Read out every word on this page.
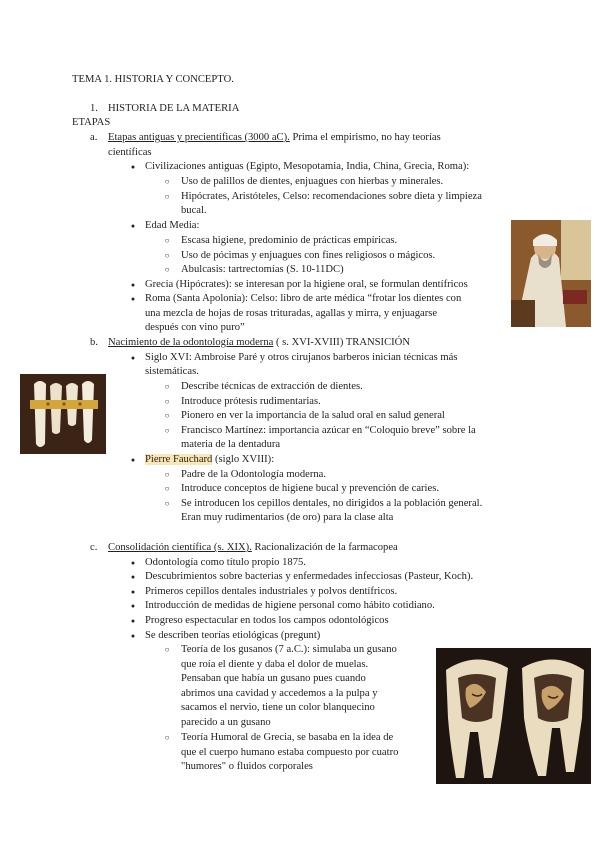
TEMA 1. HISTORIA Y CONCEPTO.
1. HISTORIA DE LA MATERIA
ETAPAS
a. Etapas antiguas y precientíficas (3000 aC). Prima el empirismo, no hay teorías
científicas
●
Civilizaciones antiguas (Egipto, Mesopotamia, India, China, Grecia, Roma):
○
Uso de palillos de dientes, enjuagues con hierbas y minerales.
○
Hipócrates, Aristóteles, Celso: recomendaciones sobre dieta y limpieza
bucal.
●
Edad Media:
○
Escasa higiene, predominio de prácticas empíricas.
○
Uso de pócimas y enjuagues con fines religiosos o mágicos.
○
Abulcasis: tartrectomías (S. 10-11DC)
●
Grecia (Hipócrates): se interesan por la higiene oral, se formulan dentífricos
●
Roma (Santa Apolonia): Celso: libro de arte médica “frotar los dientes con
una mezcla de hojas de rosas trituradas, agallas y mirra, y enjuagarse
después con vino puro”
b. Nacimiento de la odontología moderna ( s. XVI-XVIII) TRANSICIÓN
●
Siglo XVI: Ambroise Paré y otros cirujanos barberos inician técnicas más
sistemáticas.
○
Describe técnicas de extracción de dientes.
○
Introduce prótesis rudimentarias.
○
Pionero en ver la importancia de la salud oral en salud general
○
Francisco Martínez: importancia azúcar en “Coloquio breve” sobre la
materia de la dentadura
●
Pierre Fauchard (siglo XVIII):
○
Padre de la Odontología moderna.
○
Introduce conceptos de higiene bucal y prevención de caries.
○
Se introducen los cepillos dentales, no dirigidos a la población general.
Eran muy rudimentarios (de oro) para la clase alta
c. Consolidación científica (s. XIX). Racionalización de la farmacopea
●
Odontología como título propio 1875.
●
Descubrimientos sobre bacterias y enfermedades infecciosas (Pasteur, Koch).
●
Primeros cepillos dentales industriales y polvos dentífricos.
●
Introducción de medidas de higiene personal como hábito cotidiano.
●
Progreso espectacular en todos los campos odontológicos
●
Se describen teorías etiológicas (pregunt)
○
Teoría de los gusanos (7 a.C.): simulaba un gusano
que roía el diente y daba el dolor de muelas.
Pensaban que había un gusano pues cuando
abrimos una cavidad y accedemos a la pulpa y
sacamos el nervio, tiene un color blanquecino
parecido a un gusano
○
Teoría Humoral de Grecia, se basaba en la idea de
que el cuerpo humano estaba compuesto por cuatro
"humores" o fluidos corporales
